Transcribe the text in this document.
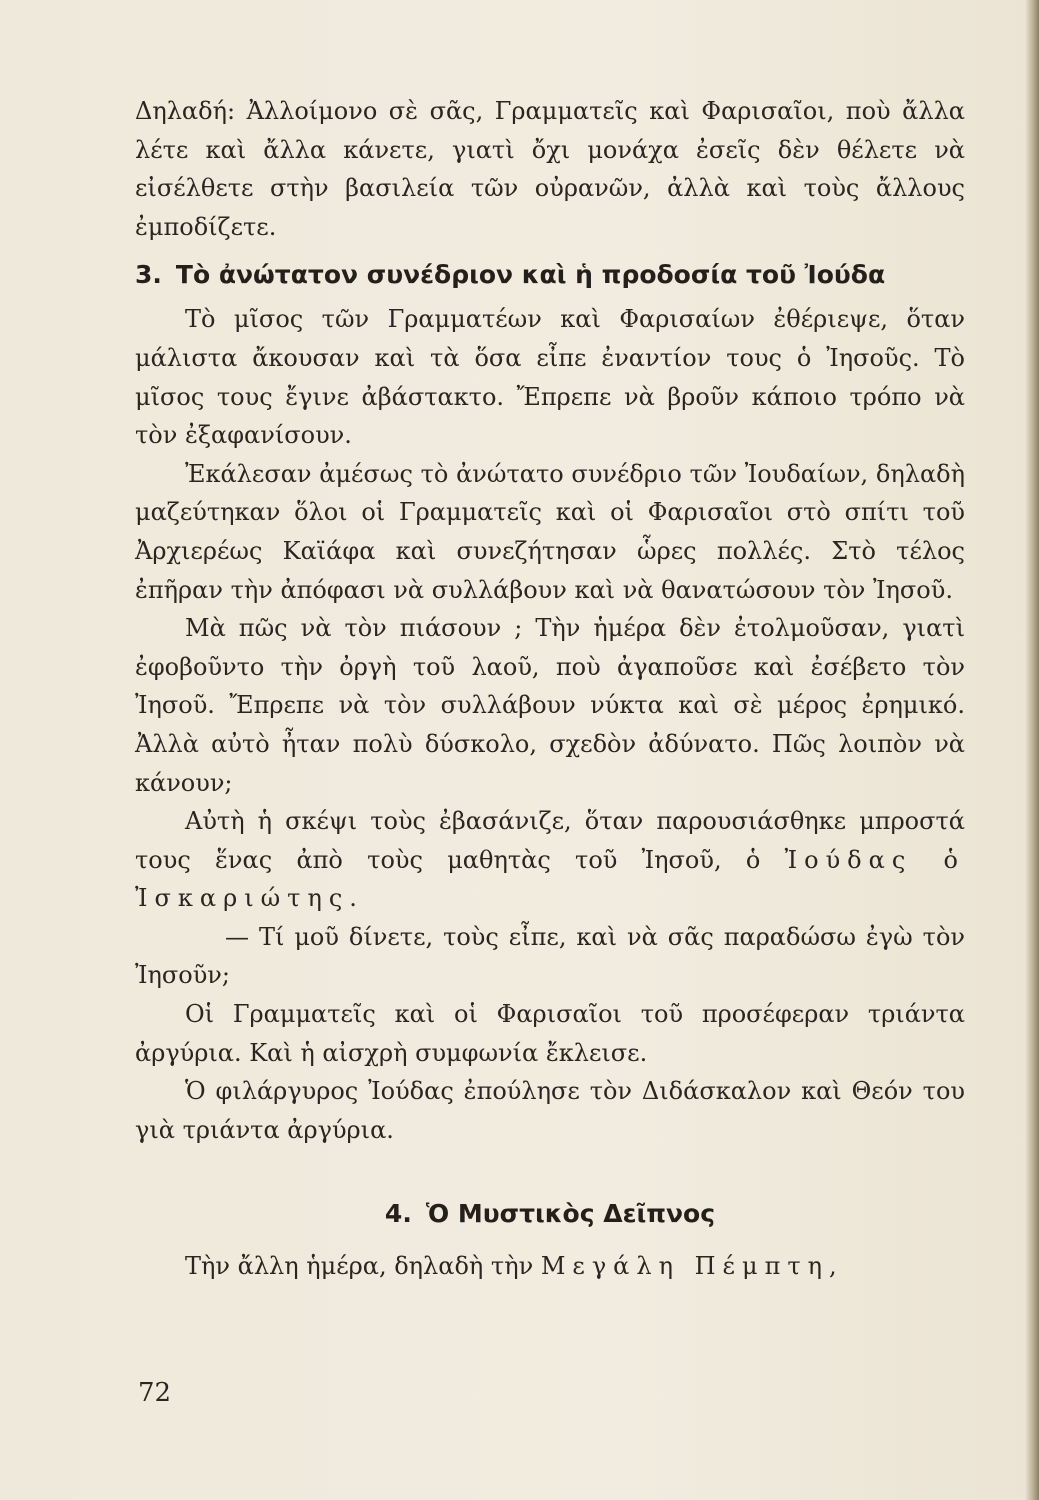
Δηλαδή: Ἀλλοίμονο σὲ σᾶς, Γραμματεῖς καὶ Φαρισαῖοι, ποὺ ἄλλα λέτε καὶ ἄλλα κάνετε, γιατὶ ὄχι μονάχα ἐσεῖς δὲν θέλετε νὰ εἰσέλθετε στὴν βασιλεία τῶν οὐρανῶν, ἀλλὰ καὶ τοὺς ἄλλους ἐμποδίζετε.

3. Τὸ ἀνώτατον συνέδριον καὶ ἡ προδοσία τοῦ Ἰούδα

Τὸ μῖσος τῶν Γραμματέων καὶ Φαρισαίων ἐθέριεψε, ὅταν μάλιστα ἄκουσαν καὶ τὰ ὅσα εἶπε ἐναντίον τους ὁ Ἰησοῦς. Τὸ μῖσος τους ἔγινε ἀβάστακτο. Ἔπρεπε νὰ βροῦν κάποιο τρόπο νὰ τὸν ἐξαφανίσουν.

Ἐκάλεσαν ἀμέσως τὸ ἀνώτατο συνέδριο τῶν Ἰουδαίων, δηλαδὴ μαζεύτηκαν ὅλοι οἱ Γραμματεῖς καὶ οἱ Φαρισαῖοι στὸ σπίτι τοῦ Ἀρχιερέως Καϊάφα καὶ συνεζήτησαν ὧρες πολλές. Στὸ τέλος ἐπῆραν τὴν ἀπόφασι νὰ συλλάβουν καὶ νὰ θανατώσουν τὸν Ἰησοῦ.

Μὰ πῶς νὰ τὸν πιάσουν ; Τὴν ἡμέρα δὲν ἐτολμοῦσαν, γιατὶ ἐφοβοῦντο τὴν ὀργὴ τοῦ λαοῦ, ποὺ ἀγαποῦσε καὶ ἐσέβετο τὸν Ἰησοῦ. Ἔπρεπε νὰ τὸν συλλάβουν νύκτα καὶ σὲ μέρος ἐρημικό. Ἀλλὰ αὐτὸ ἦταν πολὺ δύσκολο, σχεδὸν ἀδύνατο. Πῶς λοιπὸν νὰ κάνουν;

Αὐτὴ ἡ σκέψι τοὺς ἐβασάνιζε, ὅταν παρουσιάσθηκε μπροστά τους ἕνας ἀπὸ τοὺς μαθητὰς τοῦ Ἰησοῦ, ὁ Ἰούδας ὁ Ἰσκαριώτης.

— Τί μοῦ δίνετε, τοὺς εἶπε, καὶ νὰ σᾶς παραδώσω ἐγὼ τὸν Ἰησοῦν;

Οἱ Γραμματεῖς καὶ οἱ Φαρισαῖοι τοῦ προσέφεραν τριάντα ἀργύρια. Καὶ ἡ αἰσχρὴ συμφωνία ἔκλεισε.

Ὁ φιλάργυρος Ἰούδας ἐπούλησε τὸν Διδάσκαλον καὶ Θεόν του γιὰ τριάντα ἀργύρια.

4. Ὁ Μυστικὸς Δεῖπνος

Τὴν ἄλλη ἡμέρα, δηλαδὴ τὴν Μεγάλη Πέμπτη,

72
